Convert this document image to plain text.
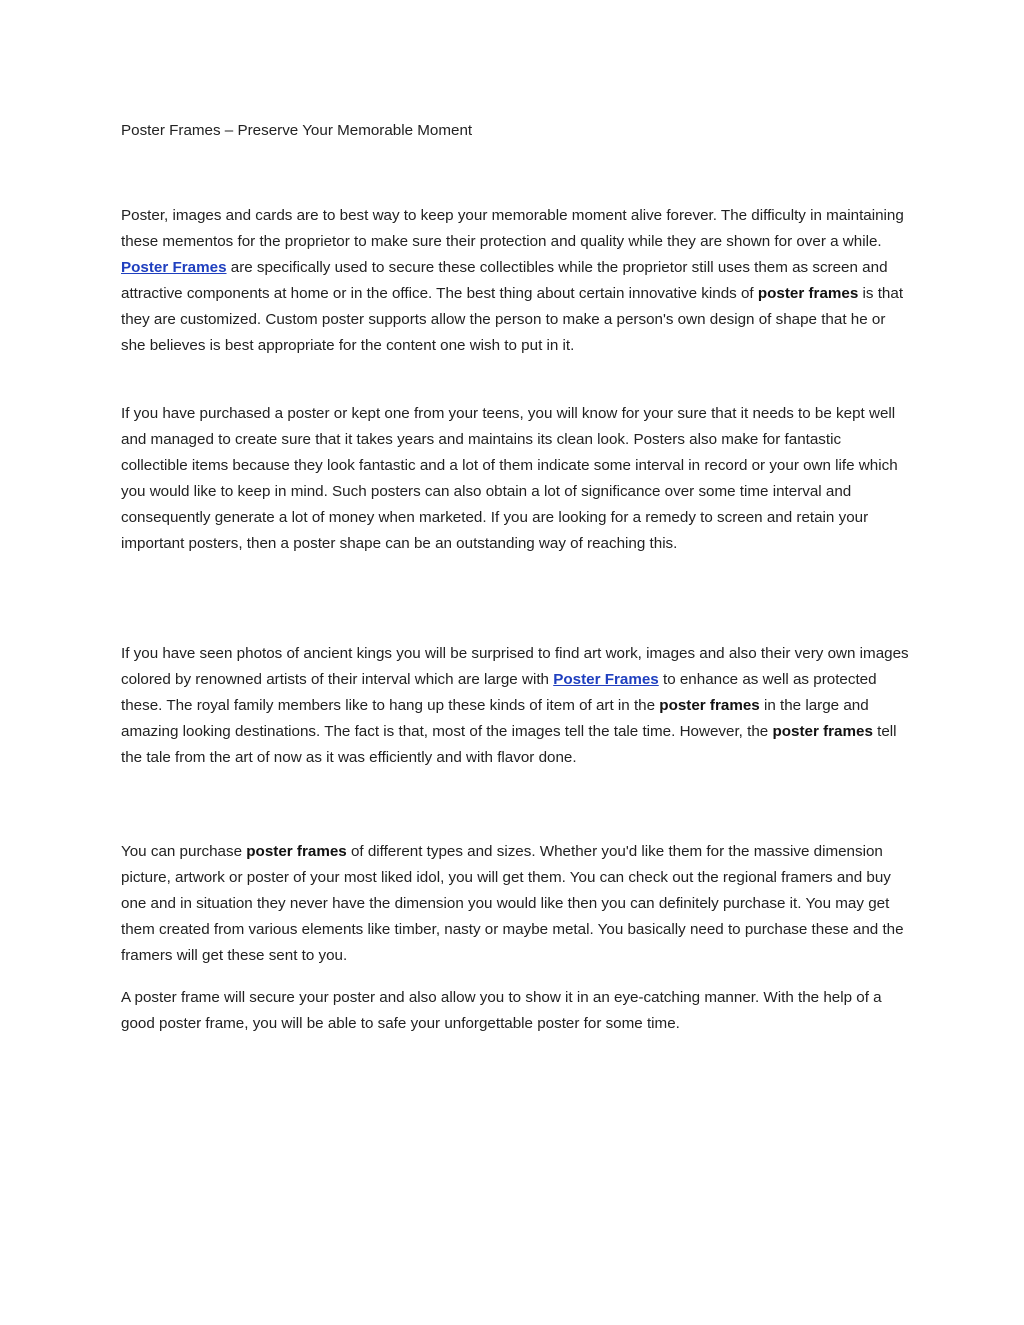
Poster Frames – Preserve Your Memorable Moment

Poster, images and cards are to best way to keep your memorable moment alive forever. The difficulty in maintaining these mementos for the proprietor to make sure their protection and quality while they are shown for over a while. Poster Frames are specifically used to secure these collectibles while the proprietor still uses them as screen and attractive components at home or in the office. The best thing about certain innovative kinds of poster frames is that they are customized. Custom poster supports allow the person to make a person's own design of shape that he or she believes is best appropriate for the content one wish to put in it.

If you have purchased a poster or kept one from your teens, you will know for your sure that it needs to be kept well and managed to create sure that it takes years and maintains its clean look. Posters also make for fantastic collectible items because they look fantastic and a lot of them indicate some interval in record or your own life which you would like to keep in mind. Such posters can also obtain a lot of significance over some time interval and consequently generate a lot of money when marketed. If you are looking for a remedy to screen and retain your important posters, then a poster shape can be an outstanding way of reaching this.

If you have seen photos of ancient kings you will be surprised to find art work, images and also their very own images colored by renowned artists of their interval which are large with Poster Frames to enhance as well as protected these. The royal family members like to hang up these kinds of item of art in the poster frames in the large and amazing looking destinations. The fact is that, most of the images tell the tale time. However, the poster frames tell the tale from the art of now as it was efficiently and with flavor done.

You can purchase poster frames of different types and sizes. Whether you'd like them for the massive dimension picture, artwork or poster of your most liked idol, you will get them. You can check out the regional framers and buy one and in situation they never have the dimension you would like then you can definitely purchase it. You may get them created from various elements like timber, nasty or maybe metal. You basically need to purchase these and the framers will get these sent to you.

A poster frame will secure your poster and also allow you to show it in an eye-catching manner. With the help of a good poster frame, you will be able to safe your unforgettable poster for some time.
